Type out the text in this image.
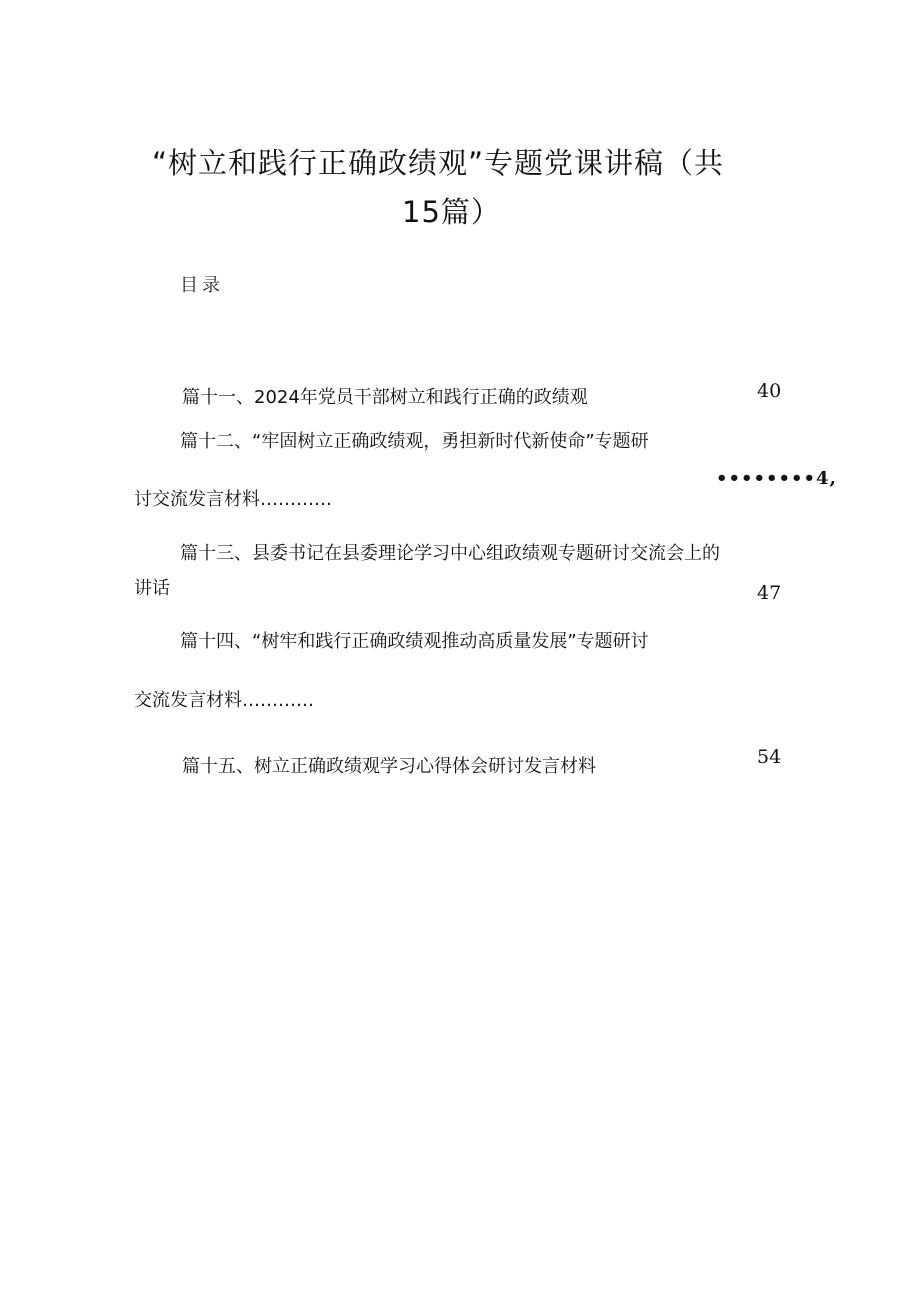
“树立和践行正确政绩观”专题党课讲稿（共
15篇）
目录
篇十一、2024年党员干部树立和践行正确的政绩观	40
篇十二、“牢固树立正确政绩观，勇担新时代新使命”专题研
讨交流发言材料…………
••••••••4,
篇十三、县委书记在县委理论学习中心组政绩观专题研讨交流会上的
讲话	47
篇十四、“树牢和践行正确政绩观推动高质量发展”专题研讨
交流发言材料…………
篇十五、树立正确政绩观学习心得体会研讨发言材料	54
